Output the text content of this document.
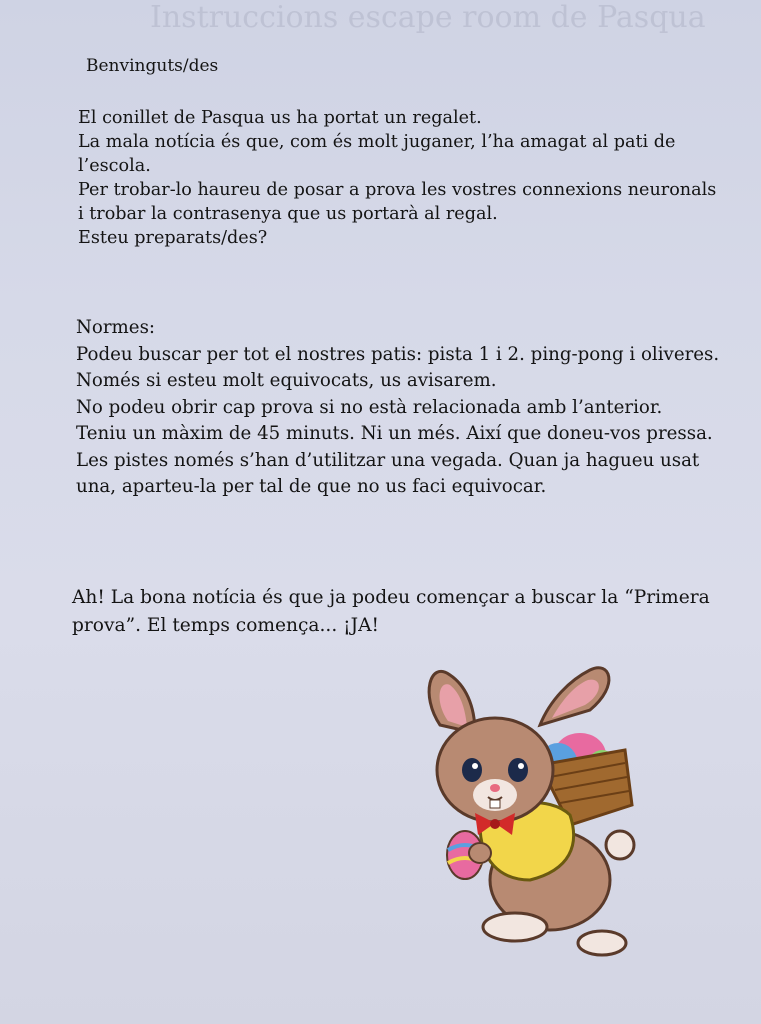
Instruccions escape room de Pasqua

Benvinguts/des

El conillet de Pasqua us ha portat un regalet.

La mala notícia és que, com és molt juganer, l’ha amagat al pati de l’escola.

Per trobar-lo haureu de posar a prova les vostres connexions neuronals i trobar la contrasenya que us portarà al regal.

Esteu preparats/des?

Normes:

Podeu buscar per tot el nostres patis: pista 1 i 2. ping-pong i oliveres.

Només si esteu molt equivocats, us avisarem.

No podeu obrir cap prova si no està relacionada amb l’anterior.

Teniu un màxim de 45 minuts. Ni un més. Així que doneu-vos pressa.

Les pistes només s’han d’utilitzar una vegada. Quan ja hagueu usat una, aparteu-la per tal de que no us faci equivocar.

Ah! La bona notícia és que ja podeu començar a buscar la “Primera prova”. El temps comença... ¡JA!
